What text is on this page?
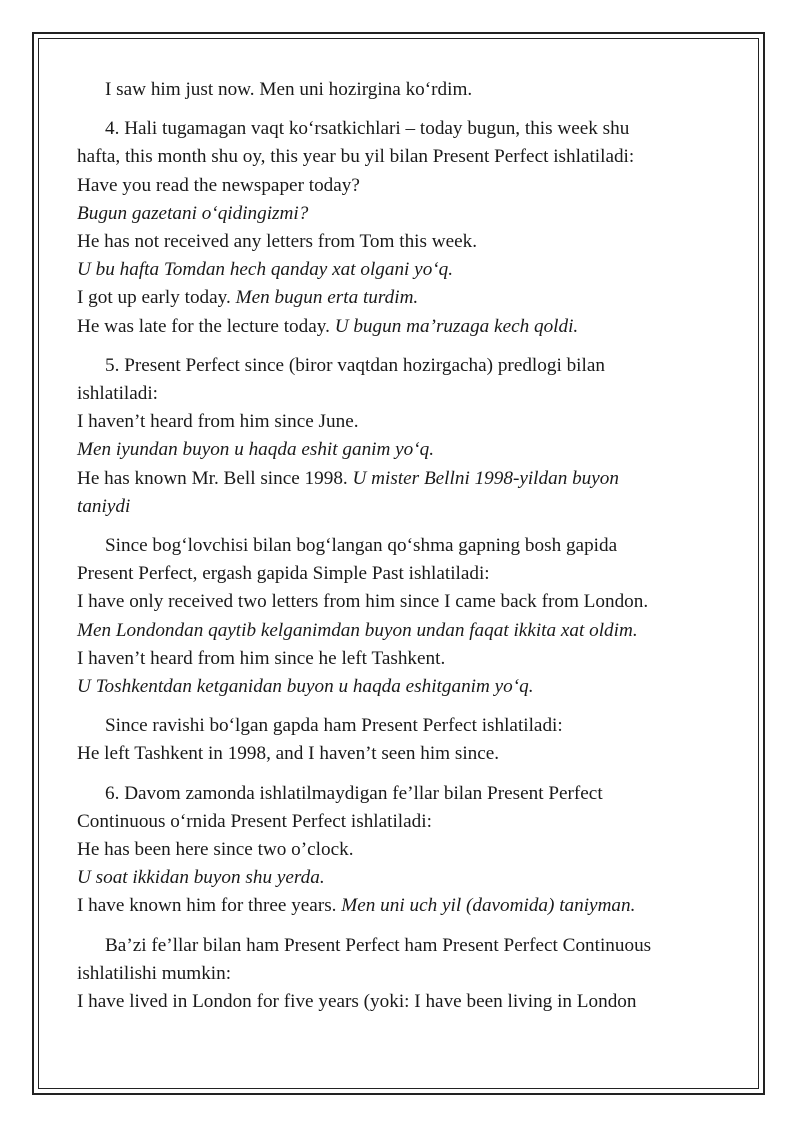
I saw him just now. Men uni hozirgina ko‘rdim.
4. Hali tugamagan vaqt ko‘rsatkichlari – today bugun, this week shu
hafta, this month shu oy, this year bu yil bilan Present Perfect ishlatiladi:
Have you read the newspaper today?
Bugun gazetani o‘qidingizmi?
He has not received any letters from Tom this week.
U bu hafta Tomdan hech qanday xat olgani yo‘q.
I got up early today. Men bugun erta turdim.
He was late for the lecture today. U bugun ma’ruzaga kech qoldi.
5. Present Perfect since (biror vaqtdan hozirgacha) predlogi bilan
ishlatiladi:
I haven’t heard from him since June.
Men iyundan buyon u haqda eshit ganim yo‘q.
He has known Mr. Bell since 1998. U mister Bellni 1998-yildan buyon
taniydi
Since bog‘lovchisi bilan bog‘langan qo‘shma gapning bosh gapida
Present Perfect, ergash gapida Simple Past ishlatiladi:
I have only received two letters from him since I came back from London.
Men Londondan qaytib kelganimdan buyon undan faqat ikkita xat oldim.
I haven’t heard from him since he left Tashkent.
U Toshkentdan ketganidan buyon u haqda eshitganim yo‘q.
Since ravishi bo‘lgan gapda ham Present Perfect ishlatiladi:
He left Tashkent in 1998, and I haven’t seen him since.
6. Davom zamonda ishlatilmaydigan fe’llar bilan Present Perfect
Continuous o‘rnida Present Perfect ishlatiladi:
He has been here since two o’clock.
U soat ikkidan buyon shu yerda.
I have known him for three years. Men uni uch yil (davomida) taniyman.
Ba’zi fe’llar bilan ham Present Perfect ham Present Perfect Continuous
ishlatilishi mumkin:
I have lived in London for five years (yoki: I have been living in London
